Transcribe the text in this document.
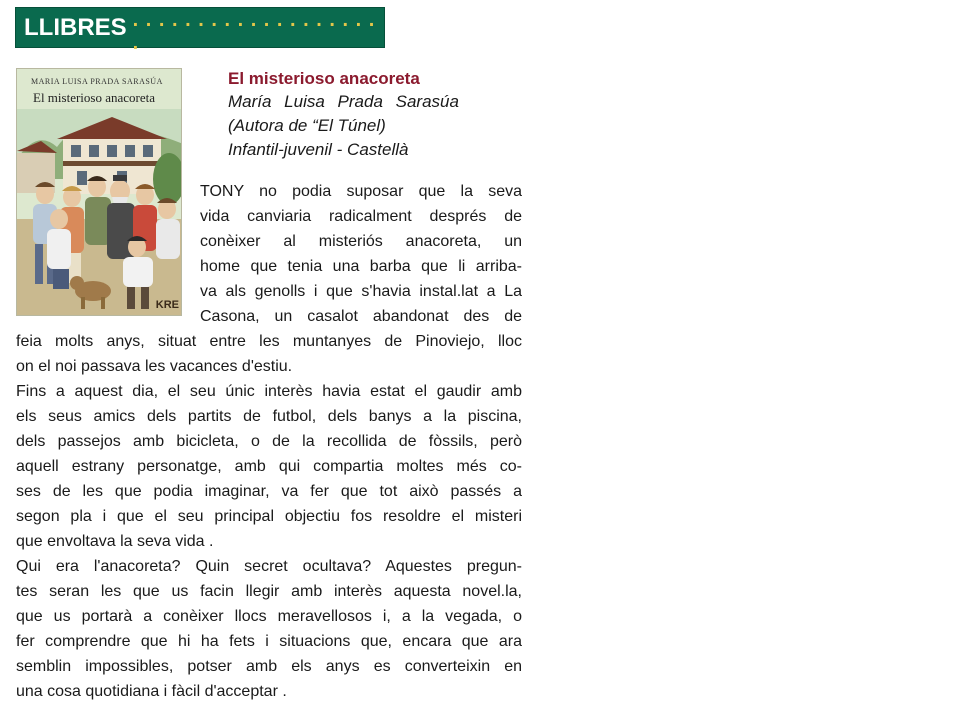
LLIBRES . . . . . . . . . . . . . . . . . . . .
MARIA LUISA PRADA SARASÚA
El misterioso anacoreta
KRE
El misterioso anacoreta
María Luisa Prada Sarasúa
(Autora de “El Túnel)
Infantil-juvenil - Castellà
TONY no podia suposar que la seva
vida canviaria radicalment després de
conèixer al misteriós anacoreta, un
home que tenia una barba que li arriba-
va als genolls i que s'havia instal.lat a La
Casona, un casalot abandonat des de
feia molts anys, situat entre les muntanyes de Pinoviejo, lloc
on el noi passava les vacances d'estiu.
Fins a aquest dia, el seu únic interès havia estat el gaudir amb
els seus amics dels partits de futbol, dels banys a la piscina,
dels passejos amb bicicleta, o de la recollida de fòssils, però
aquell estrany personatge, amb qui compartia moltes més co-
ses de les que podia imaginar, va fer que tot això passés a
segon pla i que el seu principal objectiu fos resoldre el misteri
que envoltava la seva vida .
Qui era l'anacoreta? Quin secret ocultava? Aquestes pregun-
tes seran les que us facin llegir amb interès aquesta novel.la,
que us portarà a conèixer llocs meravellosos i, a la vegada, o
fer comprendre que hi ha fets i situacions que, encara que ara
semblin impossibles, potser amb els anys es converteixin en
una cosa quotidiana i fàcil d'acceptar .
